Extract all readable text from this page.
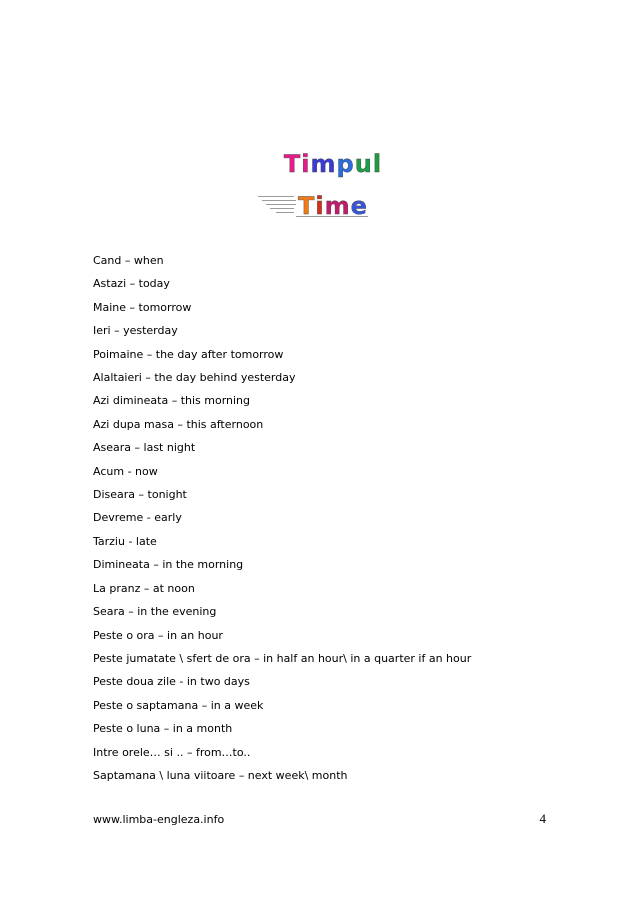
Timpul
Time
Cand – when
Astazi – today
Maine – tomorrow
Ieri – yesterday
Poimaine – the day after tomorrow
Alaltaieri – the day behind yesterday
Azi dimineata – this morning
Azi dupa masa – this afternoon
Aseara – last night
Acum - now
Diseara – tonight
Devreme - early
Tarziu - late
Dimineata – in the morning
La pranz – at noon
Seara – in the evening
Peste o ora – in an hour
Peste jumatate \ sfert de ora – in half an hour\ in a quarter if an hour
Peste doua zile - in two days
Peste o saptamana – in a week
Peste o luna – in a month
Intre orele… si .. – from…to..
Saptamana \ luna viitoare – next week\ month
www.limba-engleza.info	4
